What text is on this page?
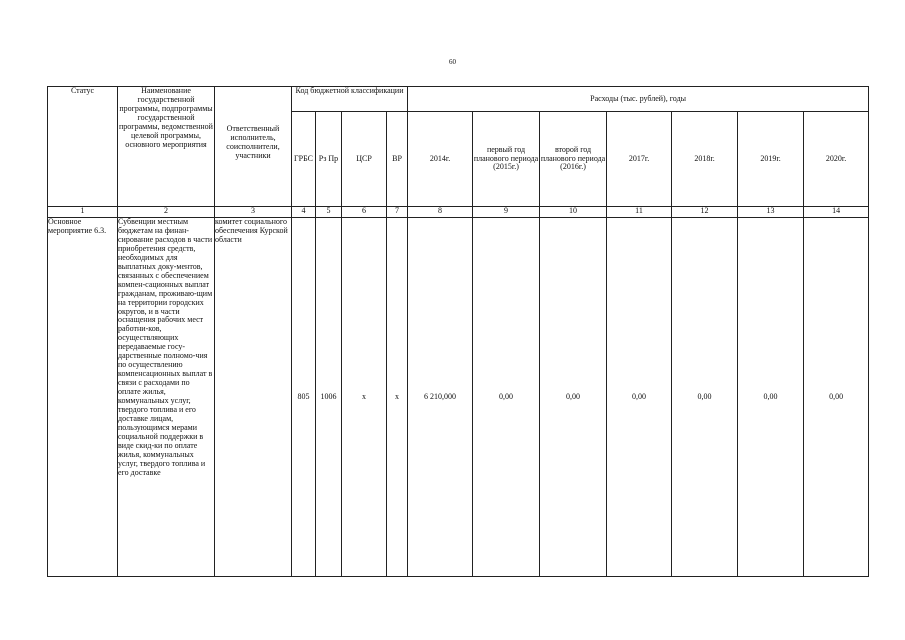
60
Статус	Наименование государственной программы, подпрограммы государственной программы, ведомственной целевой программы, основного мероприятия	Ответственный исполнитель, соисполнители, участники	Код бюджетной классификации				Расходы (тыс. рублей), годы						
			ГРБС	Рз Пр	ЦСР	ВР	2014г.	первый год планового периода (2015г.)	второй год планового периода (2016г.)	2017г.	2018г.	2019г.	2020г.
1	2	3	4	5	6	7	8	9	10	11	12	13	14
Основное мероприятие 6.3.	Субвенции местным бюджетам на финан-сирование расходов в части приобретения средств, необходимых для выплатных доку-ментов, связанных с обеспечением компен-сационных выплат гражданам, проживаю-щим на территории городских округов, и в части оснащения рабочих мест работни-ков, осуществляющих передаваемые госу-дарственные полномо-чия по осуществлению компенсационных выплат в связи с расходами по оплате жилья, коммунальных услуг, твердого топлива и его доставке лицам, пользующимся мерами социальной поддержки в виде скид-ки по оплате жилья, коммунальных услуг, твердого топлива и его доставке	комитет социального обеспечения Курской области	805	1006	х	х	6 210,000	0,00	0,00	0,00	0,00	0,00	0,00
